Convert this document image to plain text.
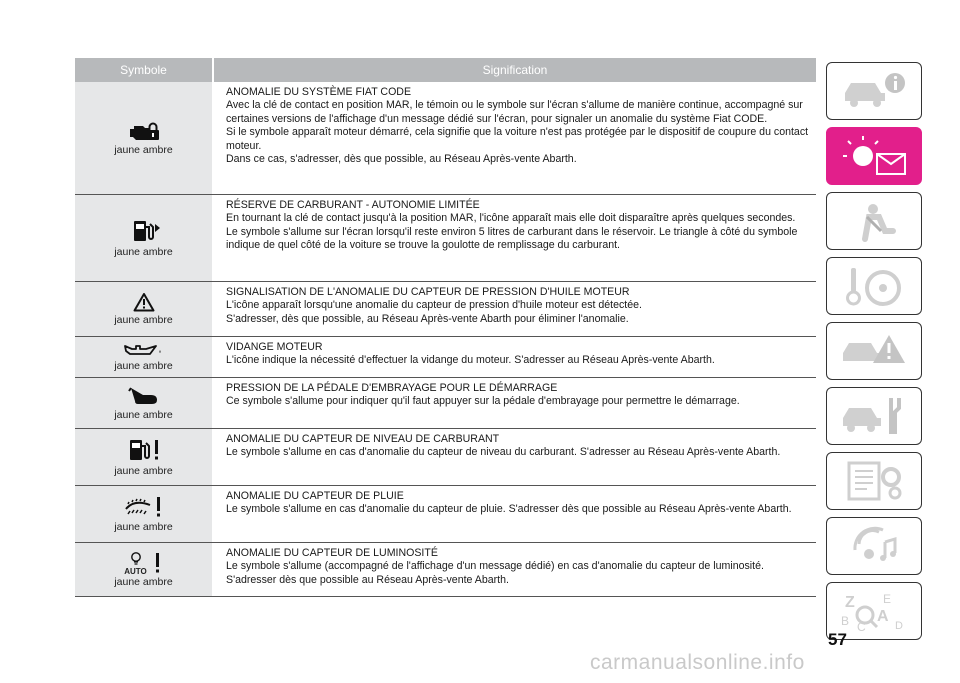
Symbole	Signification
jaune ambre
ANOMALIE DU SYSTÈME FIAT CODE
Avec la clé de contact en position MAR, le témoin ou le symbole sur l'écran s'allume de manière continue, accompagné sur certaines versions de l'affichage d'un message dédié sur l'écran, pour signaler un anomalie du système Fiat CODE.
Si le symbole apparaît moteur démarré, cela signifie que la voiture n'est pas protégée par le dispositif de coupure du contact moteur.
Dans ce cas, s'adresser, dès que possible, au Réseau Après-vente Abarth.
jaune ambre
RÉSERVE DE CARBURANT - AUTONOMIE LIMITÉE
En tournant la clé de contact jusqu'à la position MAR, l'icône apparaît mais elle doit disparaître après quelques secondes.
Le symbole s'allume sur l'écran lorsqu'il reste environ 5 litres de carburant dans le réservoir. Le triangle à côté du symbole indique de quel côté de la voiture se trouve la goulotte de remplissage du carburant.
jaune ambre
SIGNALISATION DE L'ANOMALIE DU CAPTEUR DE PRESSION D'HUILE MOTEUR
L'icône apparaît lorsqu'une anomalie du capteur de pression d'huile moteur est détectée.
S'adresser, dès que possible, au Réseau Après-vente Abarth pour éliminer l'anomalie.
jaune ambre
VIDANGE MOTEUR
L'icône indique la nécessité d'effectuer la vidange du moteur. S'adresser au Réseau Après-vente Abarth.
jaune ambre
PRESSION DE LA PÉDALE D'EMBRAYAGE POUR LE DÉMARRAGE
Ce symbole s'allume pour indiquer qu'il faut appuyer sur la pédale d'embrayage pour permettre le démarrage.
jaune ambre
ANOMALIE DU CAPTEUR DE NIVEAU DE CARBURANT
Le symbole s'allume en cas d'anomalie du capteur de niveau du carburant. S'adresser au Réseau Après-vente Abarth.
jaune ambre
ANOMALIE DU CAPTEUR DE PLUIE
Le symbole s'allume en cas d'anomalie du capteur de pluie. S'adresser dès que possible au Réseau Après-vente Abarth.
AUTO
jaune ambre
ANOMALIE DU CAPTEUR DE LUMINOSITÉ
Le symbole s'allume (accompagné de l'affichage d'un message dédié) en cas d'anomalie du capteur de luminosité. S'adresser dès que possible au Réseau Après-vente Abarth.
Z E
A
B C	D
57
carmanualsonline.info
